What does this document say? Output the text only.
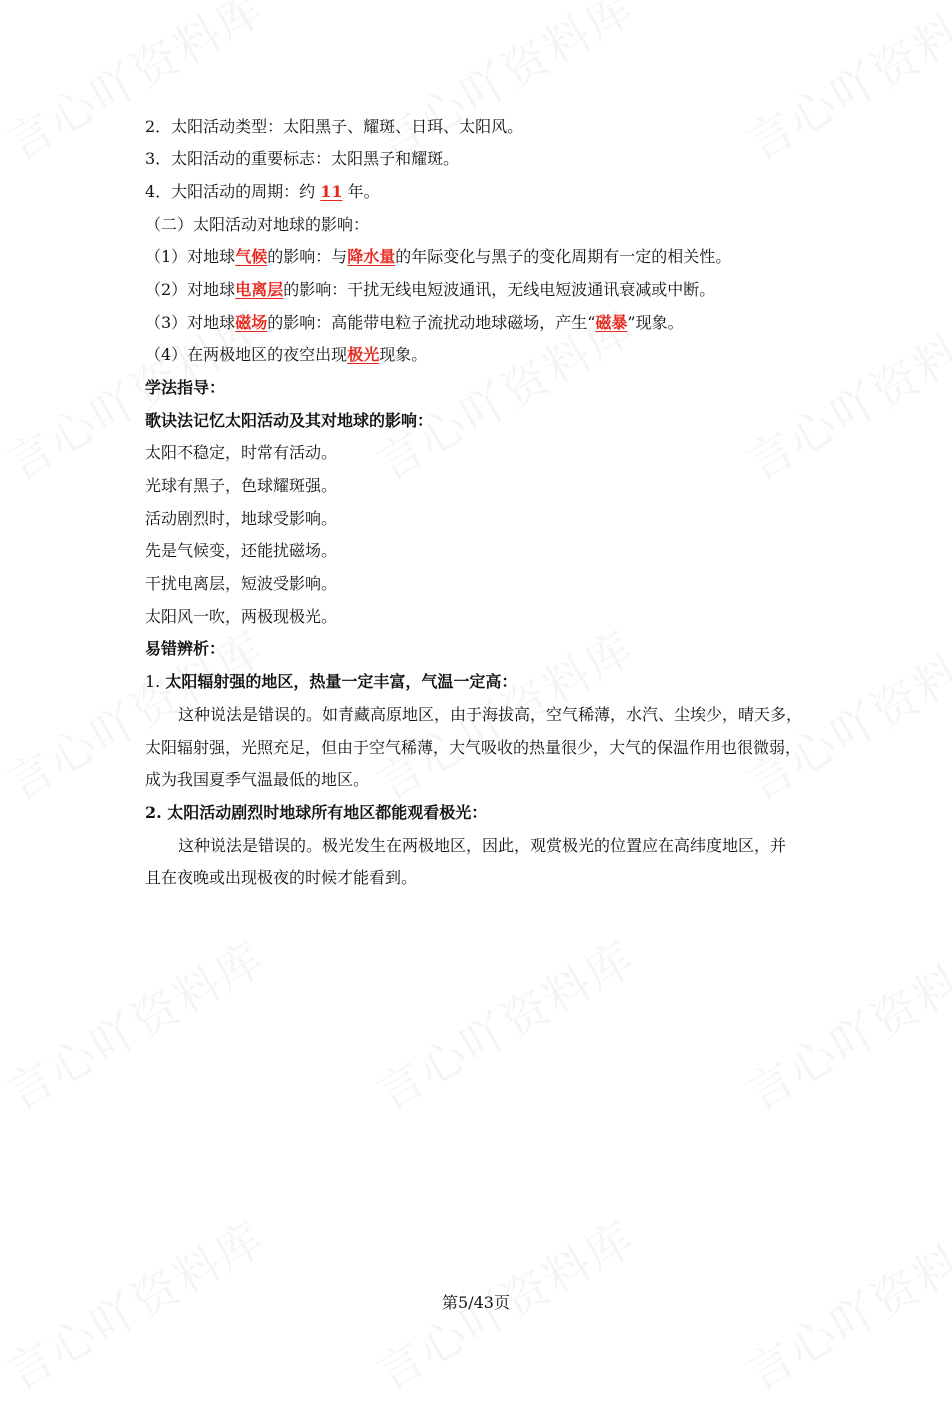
2．太阳活动类型：太阳黑子、耀斑、日珥、太阳风。
3．太阳活动的重要标志：太阳黑子和耀斑。
4．大阳活动的周期：约 11 年。
（二）太阳活动对地球的影响：
（1）对地球气候的影响：与降水量的年际变化与黑子的变化周期有一定的相关性。
（2）对地球电离层的影响：干扰无线电短波通讯，无线电短波通讯衰减或中断。
（3）对地球磁场的影响：高能带电粒子流扰动地球磁场，产生“磁暴”现象。
（4）在两极地区的夜空出现极光现象。
学法指导：
歌诀法记忆太阳活动及其对地球的影响：
太阳不稳定，时常有活动。
光球有黑子，色球耀斑强。
活动剧烈时，地球受影响。
先是气候变，还能扰磁场。
干扰电离层，短波受影响。
太阳风一吹，两极现极光。
易错辨析：
1. 太阳辐射强的地区，热量一定丰富，气温一定高：
这种说法是错误的。如青藏高原地区，由于海拔高，空气稀薄，水汽、尘埃少，晴天多，
太阳辐射强，光照充足，但由于空气稀薄，大气吸收的热量很少，大气的保温作用也很微弱，
成为我国夏季气温最低的地区。
2. 太阳活动剧烈时地球所有地区都能观看极光：
这种说法是错误的。极光发生在两极地区，因此，观赏极光的位置应在高纬度地区，并
且在夜晚或出现极夜的时候才能看到。
第5/43页
